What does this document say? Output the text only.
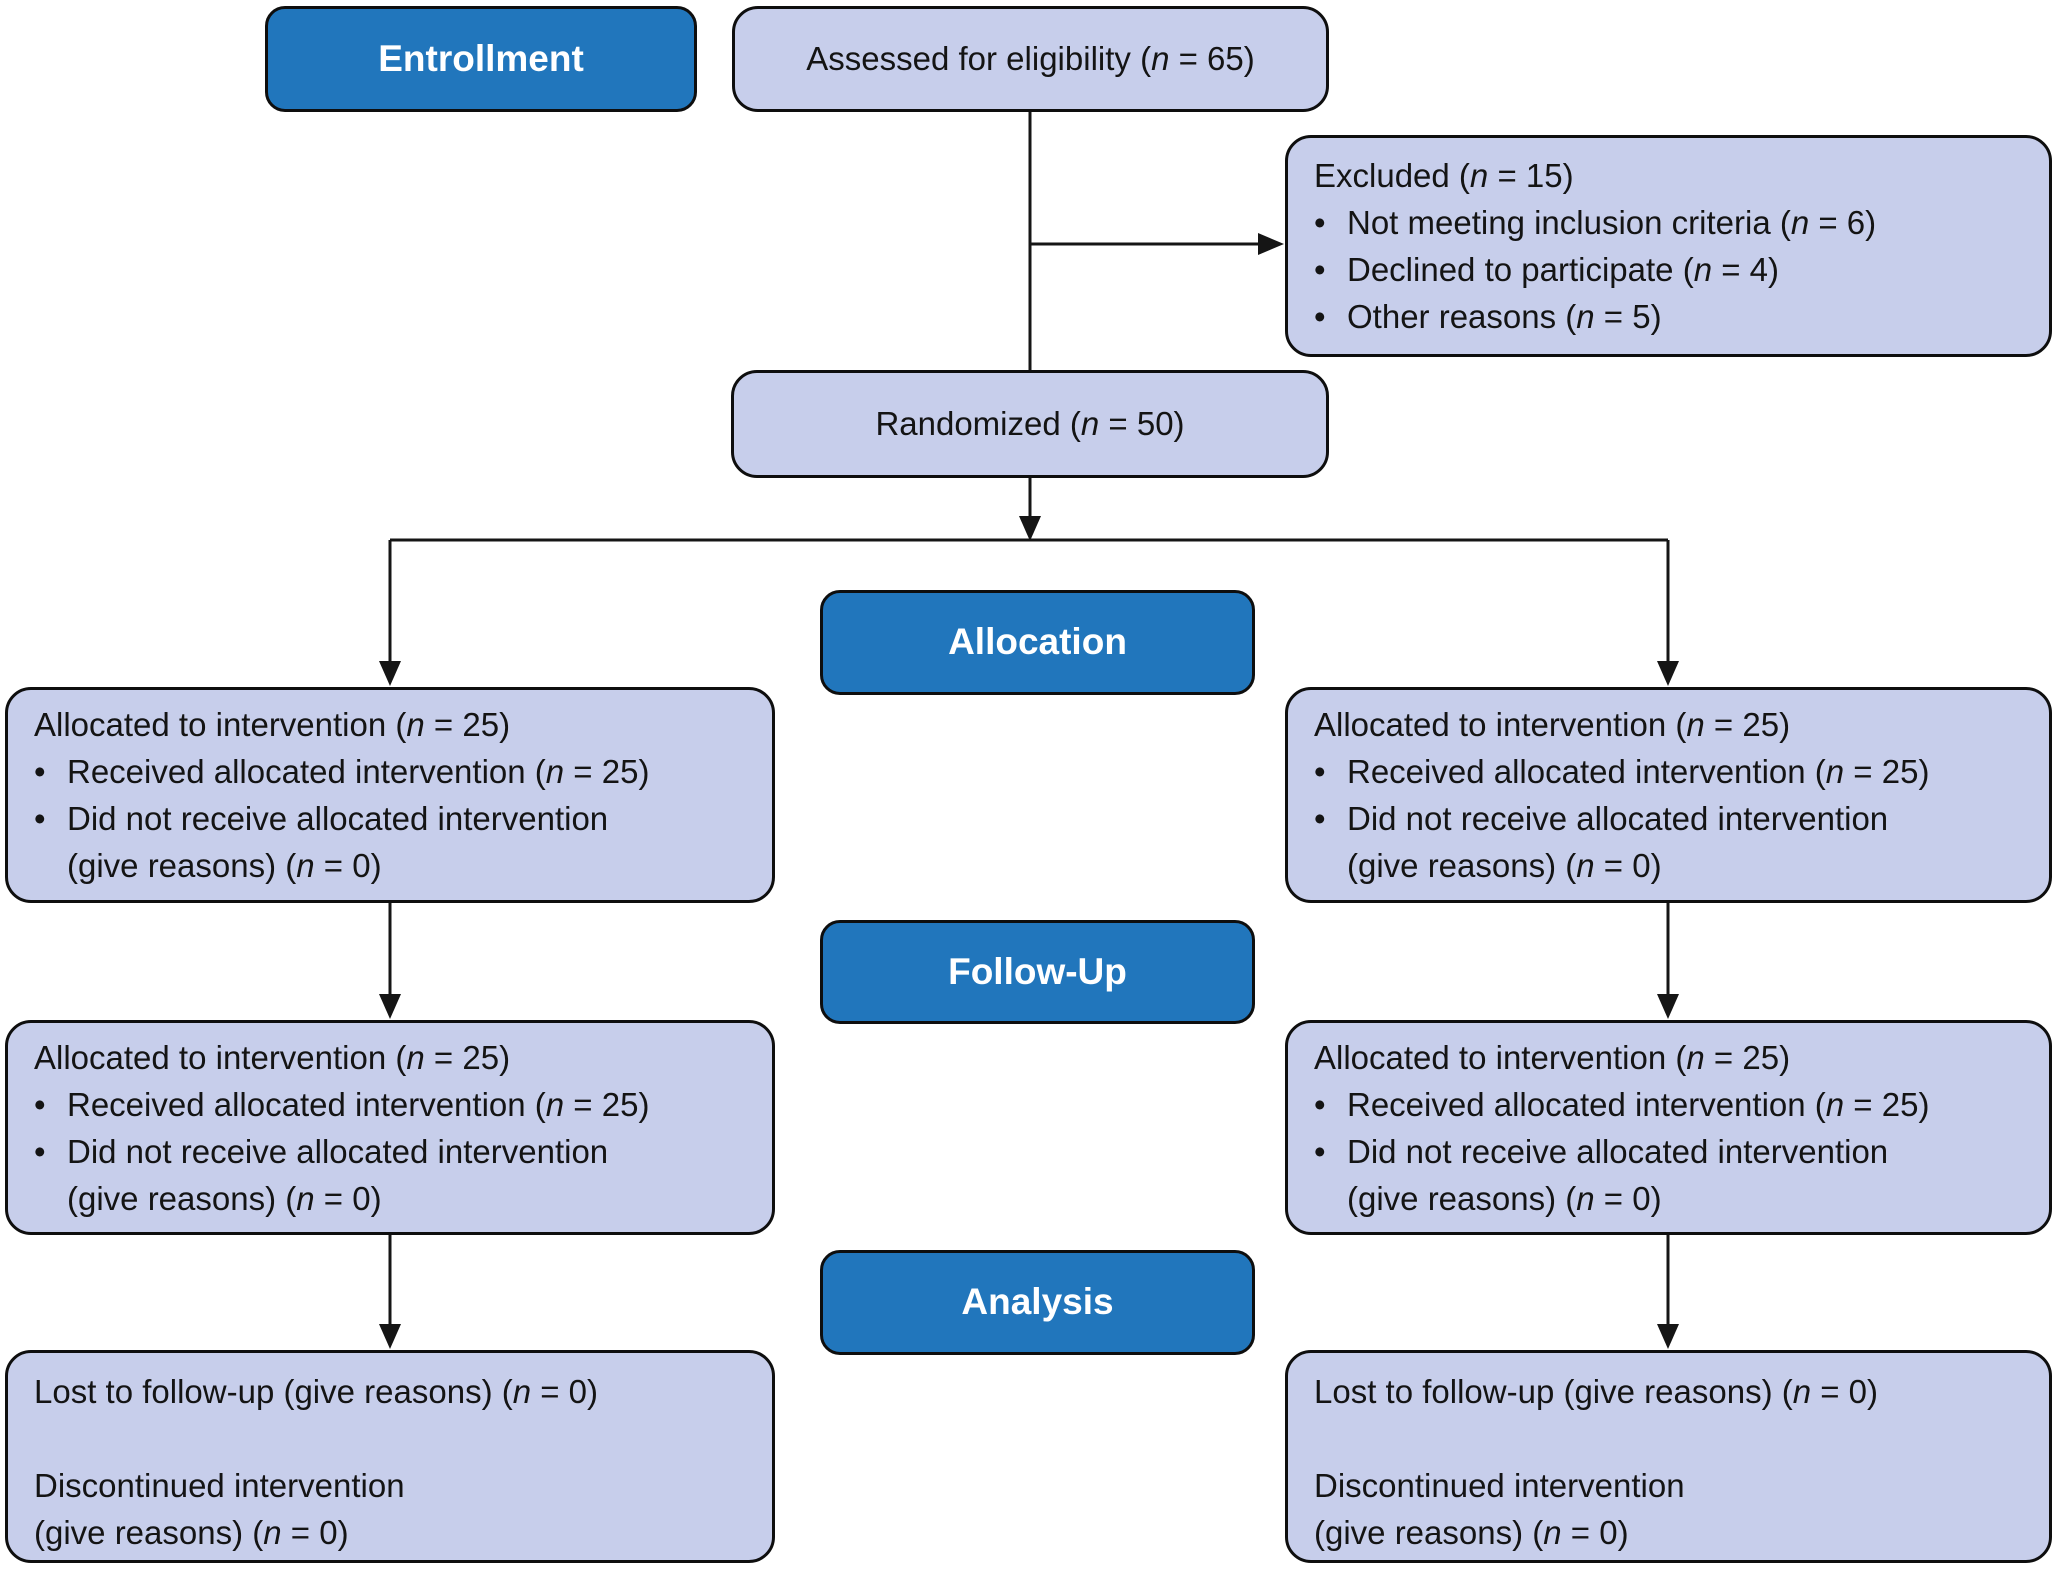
Entrollment
Allocation
Follow-Up
Analysis
Assessed for eligibility (n = 65)
Excluded (n = 15)
• Not meeting inclusion criteria (n = 6)
• Declined to participate (n = 4)
• Other reasons (n = 5)
Randomized (n = 50)
Allocated to intervention (n = 25)
• Received allocated intervention (n = 25)
• Did not receive allocated intervention (give reasons) (n = 0)
Allocated to intervention (n = 25)
• Received allocated intervention (n = 25)
• Did not receive allocated intervention (give reasons) (n = 0)
Allocated to intervention (n = 25)
• Received allocated intervention (n = 25)
• Did not receive allocated intervention (give reasons) (n = 0)
Allocated to intervention (n = 25)
• Received allocated intervention (n = 25)
• Did not receive allocated intervention (give reasons) (n = 0)
Lost to follow-up (give reasons) (n = 0)
Discontinued intervention
(give reasons) (n = 0)
Lost to follow-up (give reasons) (n = 0)
Discontinued intervention
(give reasons) (n = 0)
